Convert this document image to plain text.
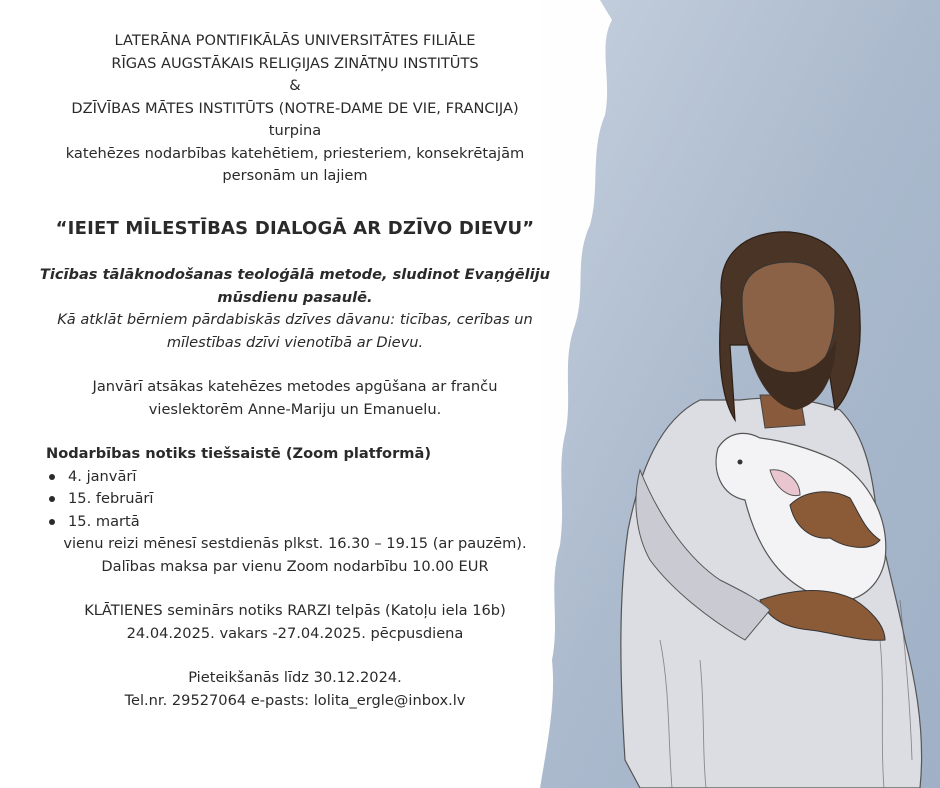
LATERĀNA PONTIFIKĀLĀS UNIVERSITĀTES FILIĀLE
RĪGAS AUGSTĀKAIS RELIĢIJAS ZINĀTŅU INSTITŪTS
&
DZĪVĪBAS MĀTES INSTITŪTS (NOTRE-DAME DE VIE, FRANCIJA)
turpina
katehēzes nodarbības katehētiem, priesteriem, konsekrētajām
personām un lajiem
“IEIET MĪLESTĪBAS DIALOGĀ AR DZĪVO DIEVU”
Ticības tālāknodošanas teoloģālā metode, sludinot Evaņģēliju
mūsdienu pasaulē.
Kā atklāt bērniem pārdabiskās dzīves dāvanu: ticības, cerības un
mīlestības dzīvi vienotībā ar Dievu.
Janvārī atsākas katehēzes metodes apgūšana ar franču
vieslektorēm Anne-Mariju un Emanuelu.
Nodarbības notiks tiešsaistē (Zoom platformā)
4. janvārī
15. februārī
15. martā
vienu reizi mēnesī sestdienās plkst. 16.30 – 19.15 (ar pauzēm).
Dalības maksa par vienu Zoom nodarbību 10.00 EUR
KLĀTIENES seminārs notiks RARZI telpās (Katoļu iela 16b)
24.04.2025. vakars -27.04.2025. pēcpusdiena
Pieteikšanās līdz 30.12.2024.
Tel.nr. 29527064 e-pasts: lolita_ergle@inbox.lv
